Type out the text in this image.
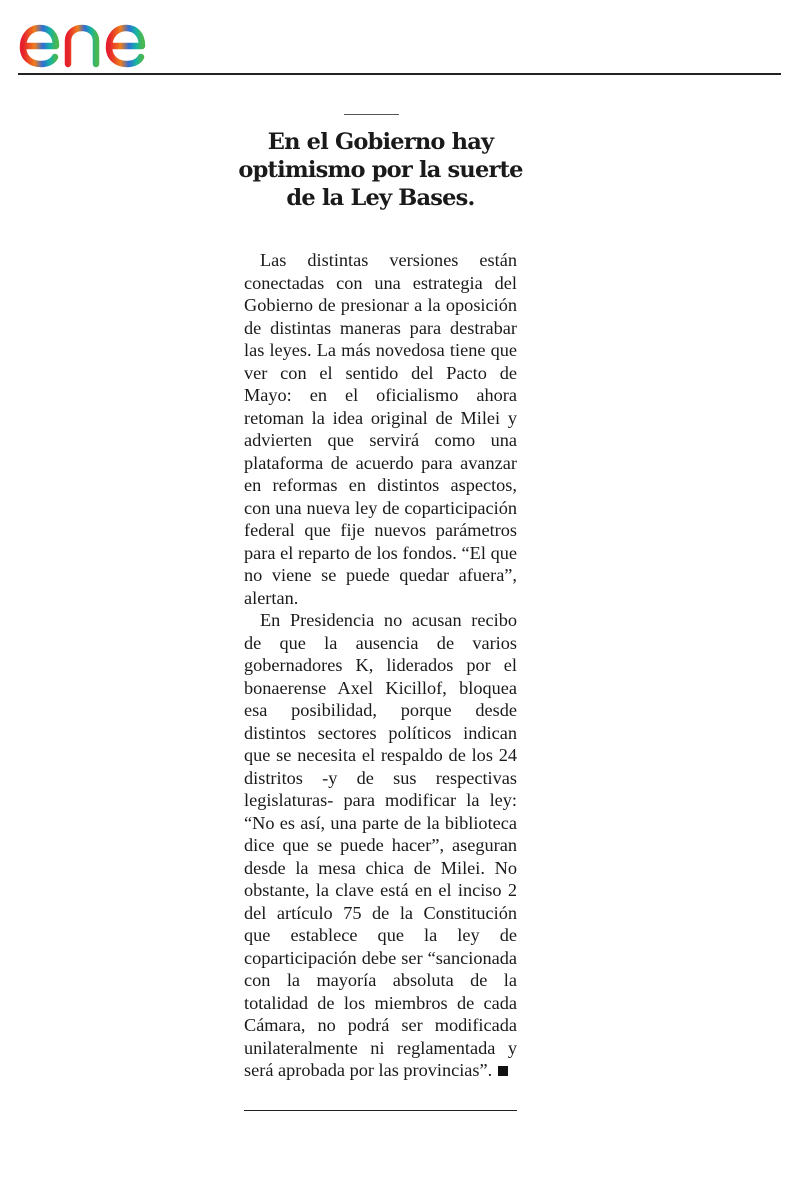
En el Gobierno hay optimismo por la suerte de la Ley Bases.

Las distintas versiones están conectadas con una estrategia del Gobierno de presionar a la oposición de distintas maneras para destrabar las leyes. La más novedosa tiene que ver con el sentido del Pacto de Mayo: en el oficialismo ahora retoman la idea original de Milei y advierten que servirá como una plataforma de acuerdo para avanzar en reformas en distintos aspectos, con una nueva ley de coparticipación federal que fije nuevos parámetros para el reparto de los fondos. “El que no viene se puede quedar afuera”, alertan.

En Presidencia no acusan recibo de que la ausencia de varios gobernadores K, liderados por el bonaerense Axel Kicillof, bloquea esa posibilidad, porque desde distintos sectores políticos indican que se necesita el respaldo de los 24 distritos -y de sus respectivas legislaturas- para modificar la ley: “No es así, una parte de la biblioteca dice que se puede hacer”, aseguran desde la mesa chica de Milei. No obstante, la clave está en el inciso 2 del artículo 75 de la Constitución que establece que la ley de coparticipación debe ser “sancionada con la mayoría absoluta de la totalidad de los miembros de cada Cámara, no podrá ser modificada unilateralmente ni reglamentada y será aprobada por las provincias”.
